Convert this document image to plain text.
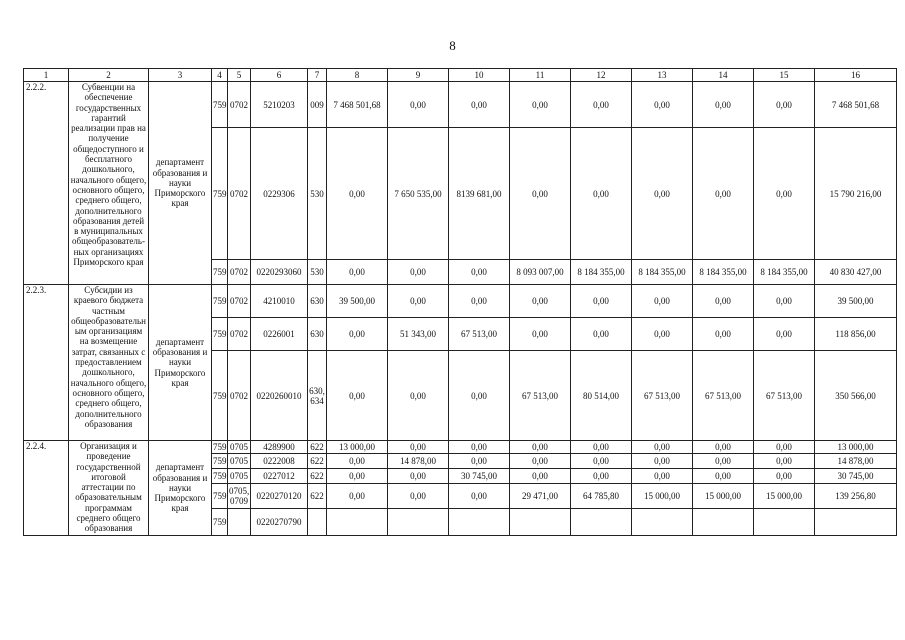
8
1	2	3	4	5	6	7	8	9	10	11	12	13	14	15	16
2.2.2.	Субвенции на обеспечение государственных гарантий реализации прав на получение общедоступного и бесплатного дошкольного, начального общего, основного общего, среднего общего, дополнительного образования детей в муниципальных общеобразователь-ных организациях Приморского края	департамент образования и науки Приморского края	759	0702	5210203	009	7 468 501,68	0,00	0,00	0,00	0,00	0,00	0,00	0,00	7 468 501,68
			759	0702	0229306	530	0,00	7 650 535,00	8139 681,00	0,00	0,00	0,00	0,00	0,00	15 790 216,00
			759	0702	0220293060	530	0,00	0,00	0,00	8 093 007,00	8 184 355,00	8 184 355,00	8 184 355,00	8 184 355,00	40 830 427,00
2.2.3.	Субсидии из краевого бюджета частным общеобразовательн ым организациям на возмещение затрат, связанных с предоставлением дошкольного, начального общего, основного общего, среднего общего, дополнительного образования	департамент образования и науки Приморского края	759	0702	4210010	630	39 500,00	0,00	0,00	0,00	0,00	0,00	0,00	0,00	39 500,00
			759	0702	0226001	630	0,00	51 343,00	67 513,00	0,00	0,00	0,00	0,00	0,00	118 856,00
			759	0702	0220260010	630, 634	0,00	0,00	0,00	67 513,00	80 514,00	67 513,00	67 513,00	67 513,00	350 566,00
2.2.4.	Организация и проведение государственной итоговой аттестации по образовательным программам среднего общего образования	департамент образования и науки Приморского края	759	0705	4289900	622	13 000,00	0,00	0,00	0,00	0,00	0,00	0,00	0,00	13 000,00
			759	0705	0222008	622	0,00	14 878,00	0,00	0,00	0,00	0,00	0,00	0,00	14 878,00
			759	0705	0227012	622	0,00	0,00	30 745,00	0,00	0,00	0,00	0,00	0,00	30 745,00
			759	0705, 0709	0220270120	622	0,00	0,00	0,00	29 471,00	64 785,80	15 000,00	15 000,00	15 000,00	139 256,80
			759		0220270790										
